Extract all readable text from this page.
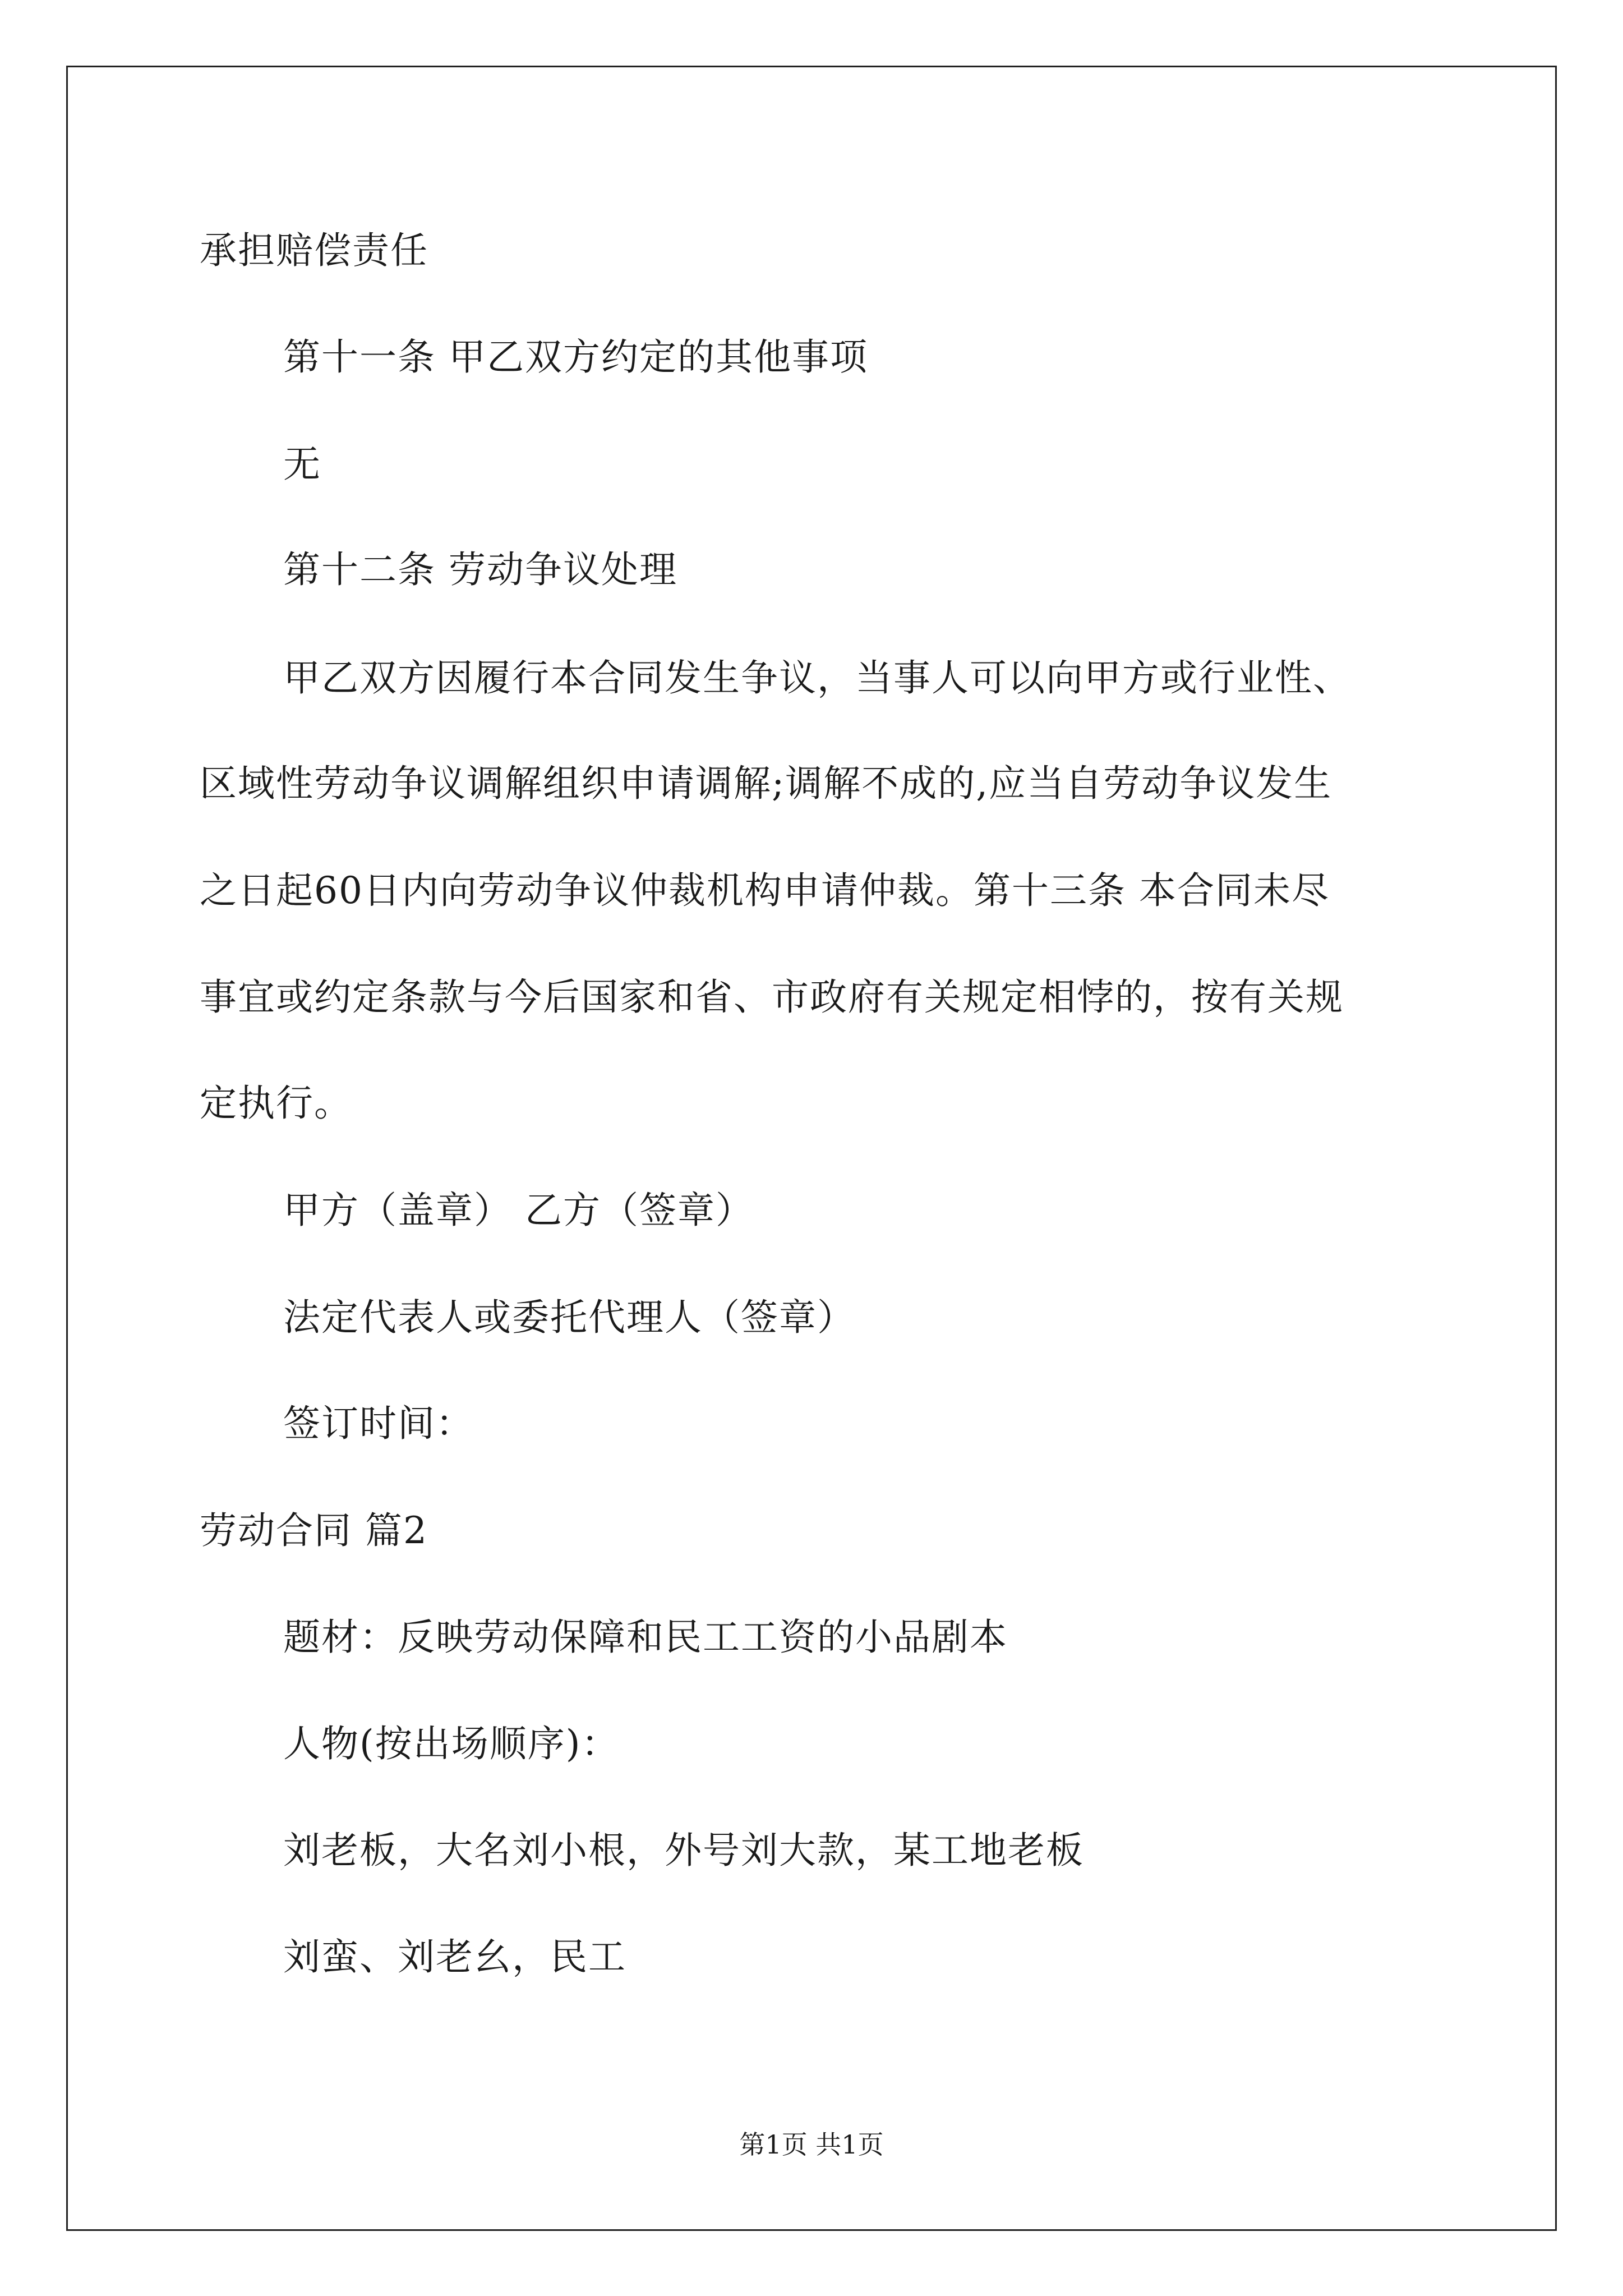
承担赔偿责任
第十一条 甲乙双方约定的其他事项
无
第十二条 劳动争议处理
甲乙双方因履行本合同发生争议，当事人可以向甲方或行业性、
区域性劳动争议调解组织申请调解;调解不成的,应当自劳动争议发生
之日起60日内向劳动争议仲裁机构申请仲裁。第十三条 本合同未尽
事宜或约定条款与今后国家和省、市政府有关规定相悖的，按有关规
定执行。
甲方（盖章） 乙方（签章）
法定代表人或委托代理人（签章）
签订时间：
劳动合同 篇2
题材：反映劳动保障和民工工资的小品剧本
人物(按出场顺序)：
刘老板，大名刘小根，外号刘大款，某工地老板
刘蛮、刘老幺，民工
第1页 共1页
